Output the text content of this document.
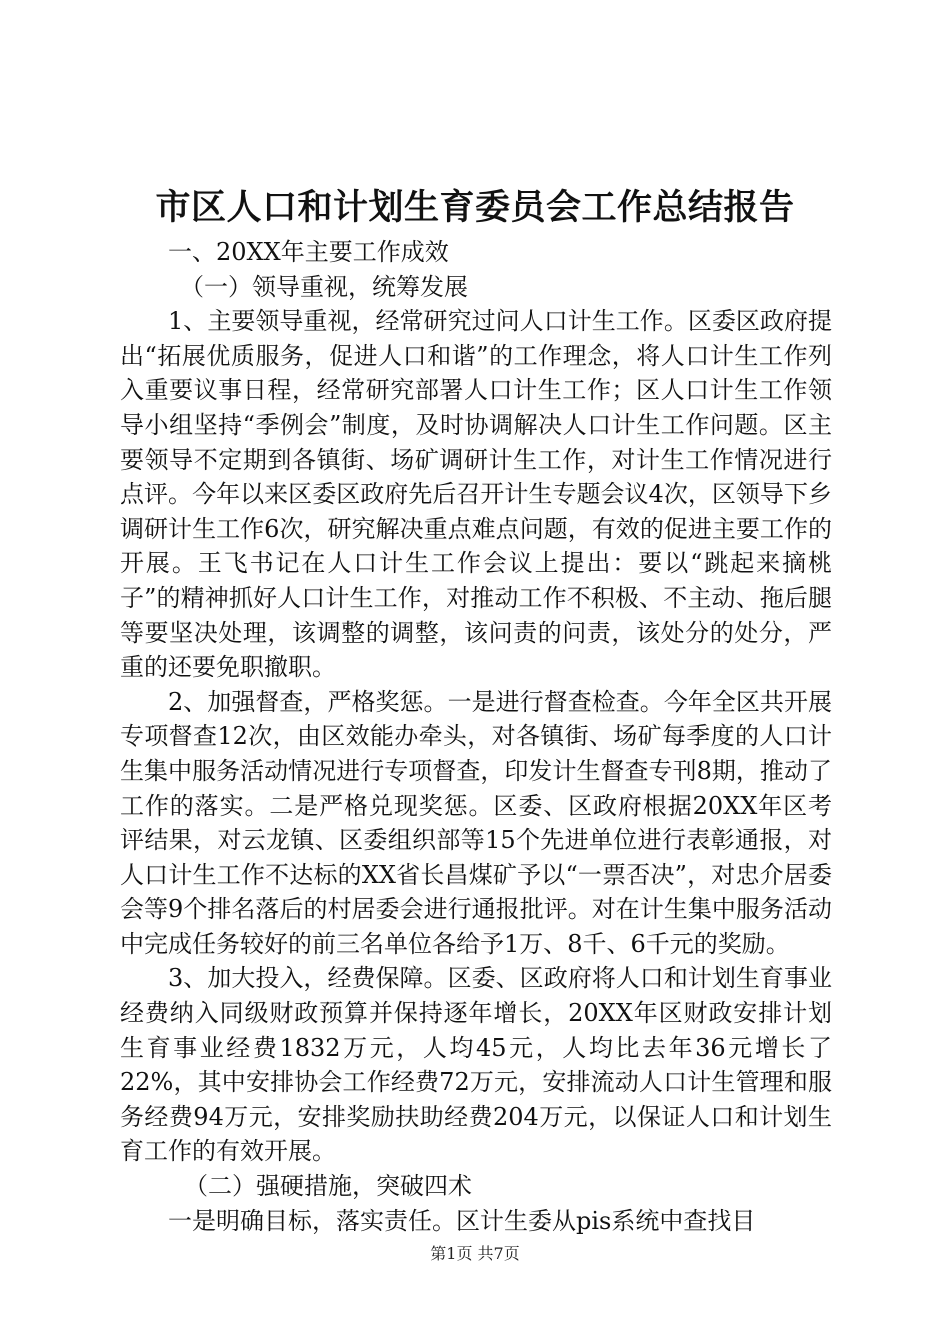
市区人口和计划生育委员会工作总结报告

一、20XX年主要工作成效

（一）领导重视，统筹发展

1、主要领导重视，经常研究过问人口计生工作。区委区政府提出“拓展优质服务，促进人口和谐”的工作理念，将人口计生工作列入重要议事日程，经常研究部署人口计生工作；区人口计生工作领导小组坚持“季例会”制度，及时协调解决人口计生工作问题。区主要领导不定期到各镇街、场矿调研计生工作，对计生工作情况进行点评。今年以来区委区政府先后召开计生专题会议4次，区领导下乡调研计生工作6次，研究解决重点难点问题，有效的促进主要工作的开展。王飞书记在人口计生工作会议上提出：要以“跳起来摘桃子”的精神抓好人口计生工作，对推动工作不积极、不主动、拖后腿等要坚决处理，该调整的调整，该问责的问责，该处分的处分，严重的还要免职撤职。

2、加强督查，严格奖惩。一是进行督查检查。今年全区共开展专项督查12次，由区效能办牵头，对各镇街、场矿每季度的人口计生集中服务活动情况进行专项督查，印发计生督查专刊8期，推动了工作的落实。二是严格兑现奖惩。区委、区政府根据20XX年区考评结果，对云龙镇、区委组织部等15个先进单位进行表彰通报，对人口计生工作不达标的XX省长昌煤矿予以“一票否决”，对忠介居委会等9个排名落后的村居委会进行通报批评。对在计生集中服务活动中完成任务较好的前三名单位各给予1万、8千、6千元的奖励。

3、加大投入，经费保障。区委、区政府将人口和计划生育事业经费纳入同级财政预算并保持逐年增长，20XX年区财政安排计划生育事业经费1832万元，人均45元，人均比去年36元增长了22%，其中安排协会工作经费72万元，安排流动人口计生管理和服务经费94万元，安排奖励扶助经费204万元，以保证人口和计划生育工作的有效开展。

（二）强硬措施，突破四术

一是明确目标，落实责任。区计生委从pis系统中查找目

第1页 共7页
